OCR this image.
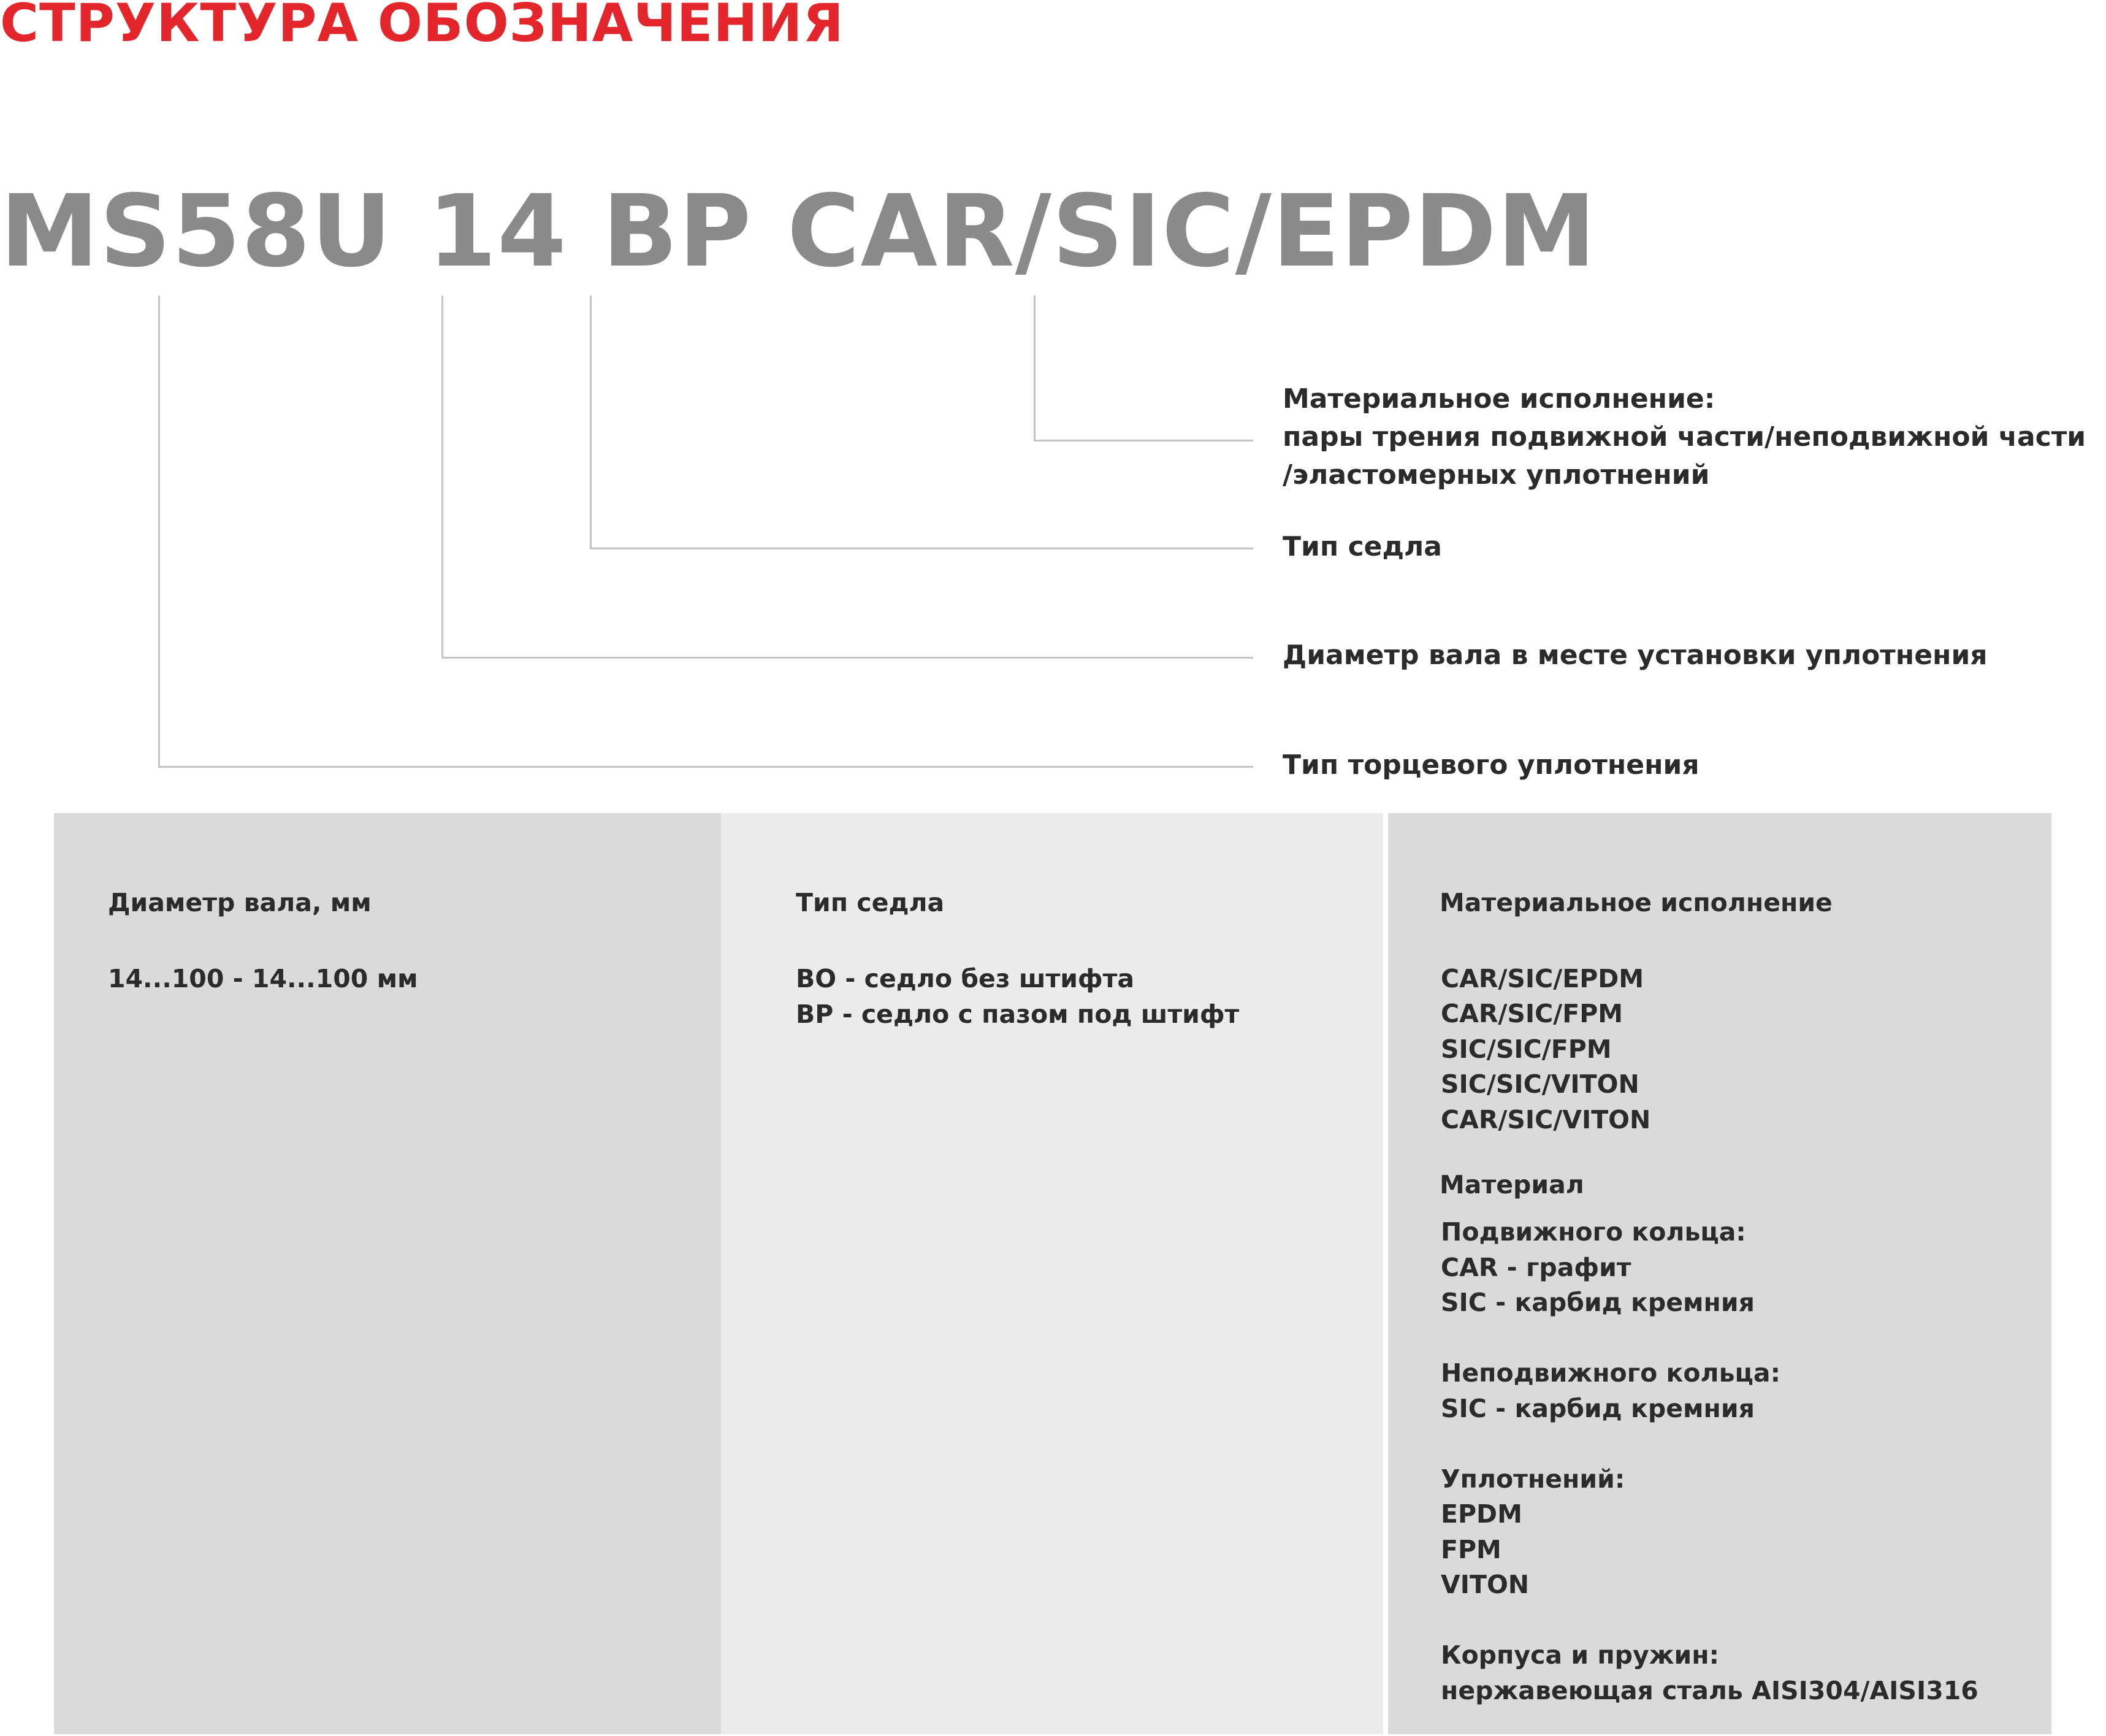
СТРУКТУРА ОБОЗНАЧЕНИЯ
MS58U 14 BP CAR/SIC/EPDM
Материальное исполнение:
пары трения подвижной части/неподвижной части
/эластомерных уплотнений
Тип седла
Диаметр вала в месте установки уплотнения
Тип торцевого уплотнения
Диаметр вала, мм
14...100 - 14...100 мм
Тип седла
BO - седло без штифта
BP - седло с пазом под штифт
Материальное исполнение
CAR/SIC/EPDM
CAR/SIC/FPM
SIC/SIC/FPM
SIC/SIC/VITON
CAR/SIC/VITON
Материал
Подвижного кольца:
CAR - графит
SIC - карбид кремния
Неподвижного кольца:
SIC - карбид кремния
Уплотнений:
EPDM
FPM
VITON
Корпуса и пружин:
нержавеющая сталь AISI304/AISI316
